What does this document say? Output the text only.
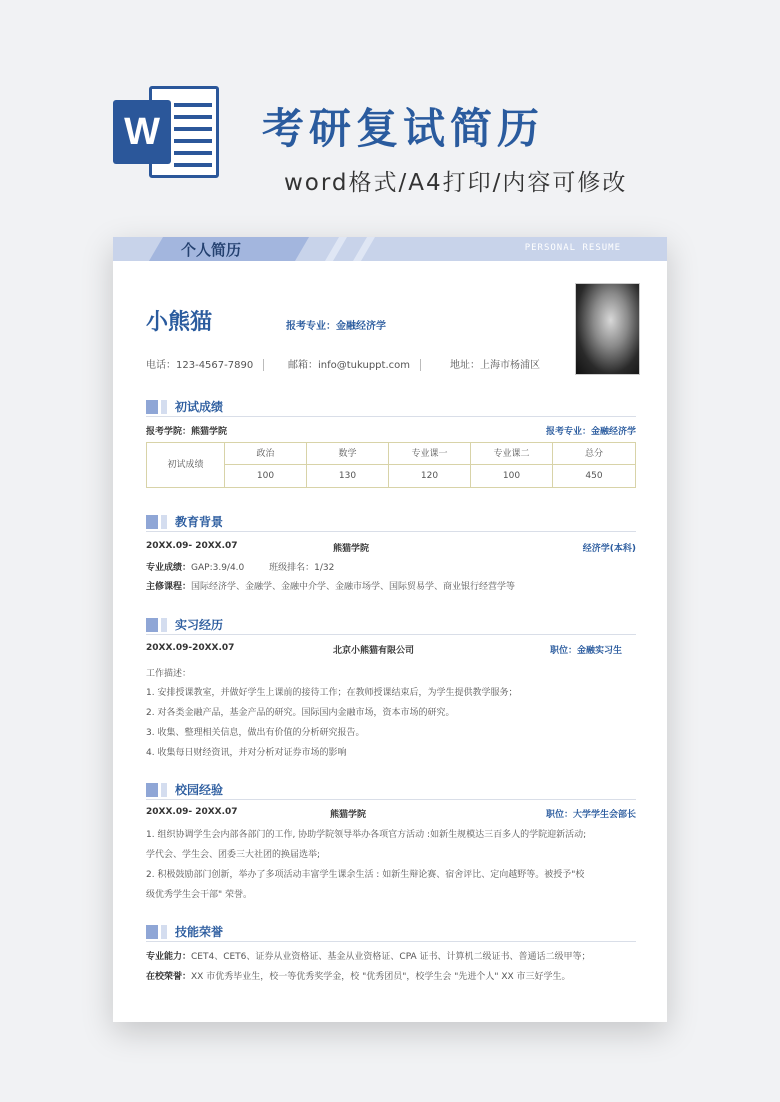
W 考研复试简历
word格式/A4打印/内容可修改
个人简历	PERSONAL RESUME
小熊猫	报考专业：金融经济学
电话：123-4567-7890	邮箱：info@tukuppt.com	地址：上海市杨浦区
初试成绩
报考学院：熊猫学院	报考专业：金融经济学
初试成绩
政治	数学	专业课一	专业课二	总分
100	130	120	100	450
教育背景
20XX.09- 20XX.07	熊猫学院	经济学(本科)
专业成绩：GAP:3.9/4.0	班级排名：1/32
主修课程：国际经济学、金融学、金融中介学、金融市场学、国际贸易学、商业银行经营学等
实习经历
20XX.09-20XX.07	北京小熊猫有限公司	职位：金融实习生
工作描述：
1. 安排授课教室，并做好学生上课前的接待工作；在教师授课结束后，为学生提供教学服务；
2. 对各类金融产品，基金产品的研究。国际国内金融市场，资本市场的研究。
3. 收集、整理相关信息，做出有价值的分析研究报告。
4. 收集每日财经资讯，并对分析对证券市场的影响
校园经验
20XX.09- 20XX.07	熊猫学院	职位：大学学生会部长
1. 组织协调学生会内部各部门的工作, 协助学院领导举办各项官方活动 :如新生规模达三百多人的学院迎新活动;
学代会、学生会、团委三大社团的换届选举;
2. 积极鼓励部门创新，举办了多项活动丰富学生课余生活 : 如新生辩论赛、宿舍评比、定向越野等。被授予"校
级优秀学生会干部" 荣誉。
技能荣誉
专业能力：CET4、CET6、证券从业资格证、基金从业资格证、CPA 证书、计算机二级证书、普通话二级甲等；
在校荣誉：XX 市优秀毕业生，校一等优秀奖学金，校 "优秀团员"，校学生会 "先进个人" XX 市三好学生。
